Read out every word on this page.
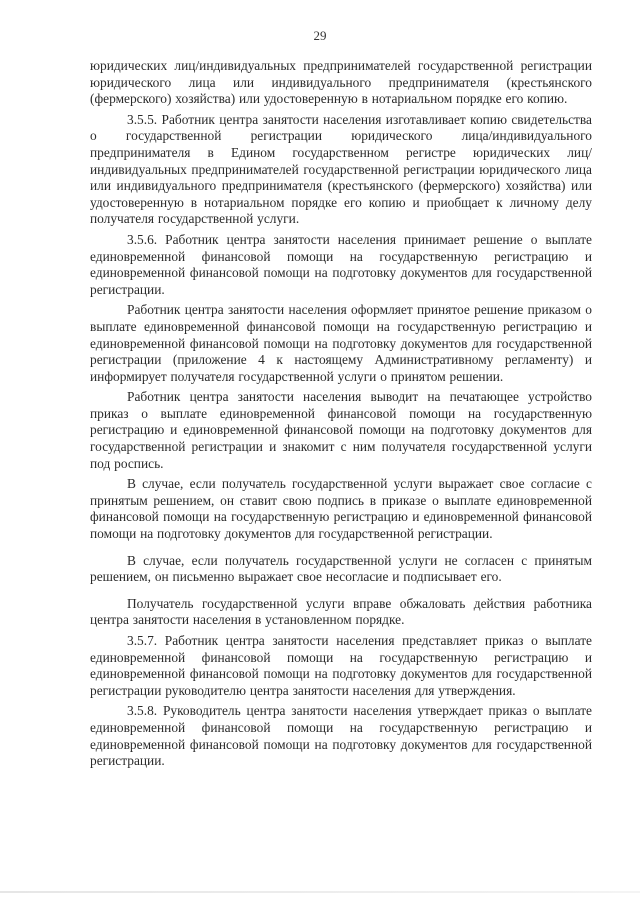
29

юридических лиц/индивидуальных предпринимателей государственной регистрации юридического лица или индивидуального предпринимателя (крестьянского (фермерского) хозяйства) или удостоверенную в нотариальном порядке его копию.

3.5.5. Работник центра занятости населения изготавливает копию свидетельства о государственной регистрации юридического лица/индивидуального предпринимателя в Едином государственном регистре юридических лиц/индивидуальных предпринимателей государственной регистрации юридического лица или индивидуального предпринимателя (крестьянского (фермерского) хозяйства) или удостоверенную в нотариальном порядке его копию и приобщает к личному делу получателя государственной услуги.

3.5.6. Работник центра занятости населения принимает решение о выплате единовременной финансовой помощи на государственную регистрацию и единовременной финансовой помощи на подготовку документов для государственной регистрации.

Работник центра занятости населения оформляет принятое решение приказом о выплате единовременной финансовой помощи на государственную регистрацию и единовременной финансовой помощи на подготовку документов для государственной регистрации (приложение 4 к настоящему Административному регламенту) и информирует получателя государственной услуги о принятом решении.

Работник центра занятости населения выводит на печатающее устройство приказ о выплате единовременной финансовой помощи на государственную регистрацию и единовременной финансовой помощи на подготовку документов для государственной регистрации и знакомит с ним получателя государственной услуги под роспись.

В случае, если получатель государственной услуги выражает свое согласие с принятым решением, он ставит свою подпись в приказе о выплате единовременной финансовой помощи на государственную регистрацию и единовременной финансовой помощи на подготовку документов для государственной регистрации.

В случае, если получатель государственной услуги не согласен с принятым решением, он письменно выражает свое несогласие и подписывает его.

Получатель государственной услуги вправе обжаловать действия работника центра занятости населения в установленном порядке.

3.5.7. Работник центра занятости населения представляет приказ о выплате единовременной финансовой помощи на государственную регистрацию и единовременной финансовой помощи на подготовку документов для государственной регистрации руководителю центра занятости населения для утверждения.

3.5.8. Руководитель центра занятости населения утверждает приказ о выплате единовременной финансовой помощи на государственную регистрацию и единовременной финансовой помощи на подготовку документов для государственной регистрации.
